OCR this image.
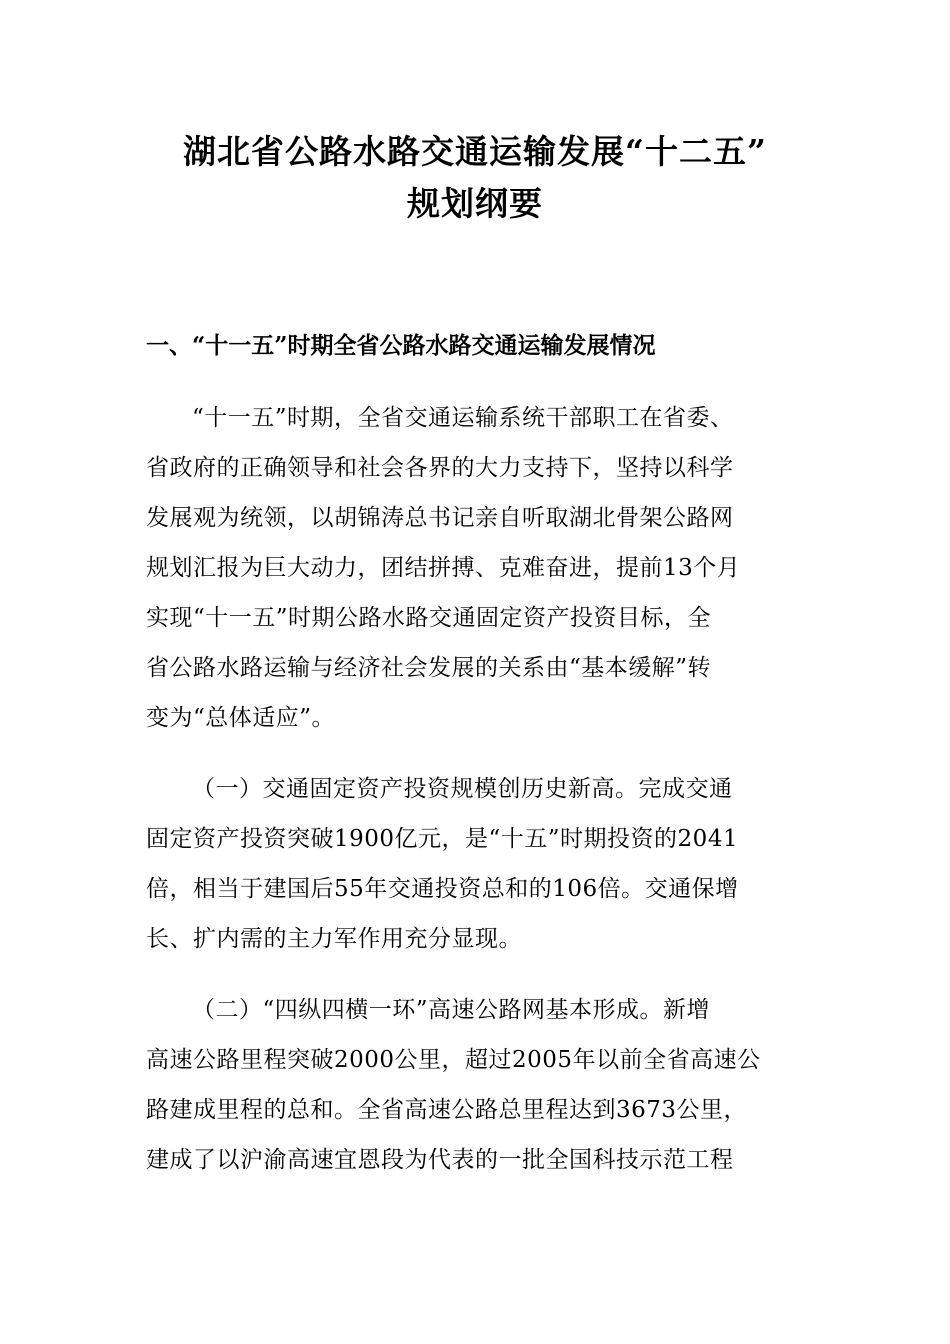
湖北省公路水路交通运输发展“十二五”
规划纲要
一、“十一五”时期全省公路水路交通运输发展情况
“十一五”时期，全省交通运输系统干部职工在省委、
省政府的正确领导和社会各界的大力支持下，坚持以科学
发展观为统领，以胡锦涛总书记亲自听取湖北骨架公路网
规划汇报为巨大动力，团结拼搏、克难奋进，提前13个月
实现“十一五”时期公路水路交通固定资产投资目标，全
省公路水路运输与经济社会发展的关系由“基本缓解”转
变为“总体适应”。
（一）交通固定资产投资规模创历史新高。完成交通
固定资产投资突破1900亿元，是“十五”时期投资的2041
倍，相当于建国后55年交通投资总和的106倍。交通保增
长、扩内需的主力军作用充分显现。
（二）“四纵四横一环”高速公路网基本形成。新增
高速公路里程突破2000公里，超过2005年以前全省高速公
路建成里程的总和。全省高速公路总里程达到3673公里，
建成了以沪渝高速宜恩段为代表的一批全国科技示范工程
